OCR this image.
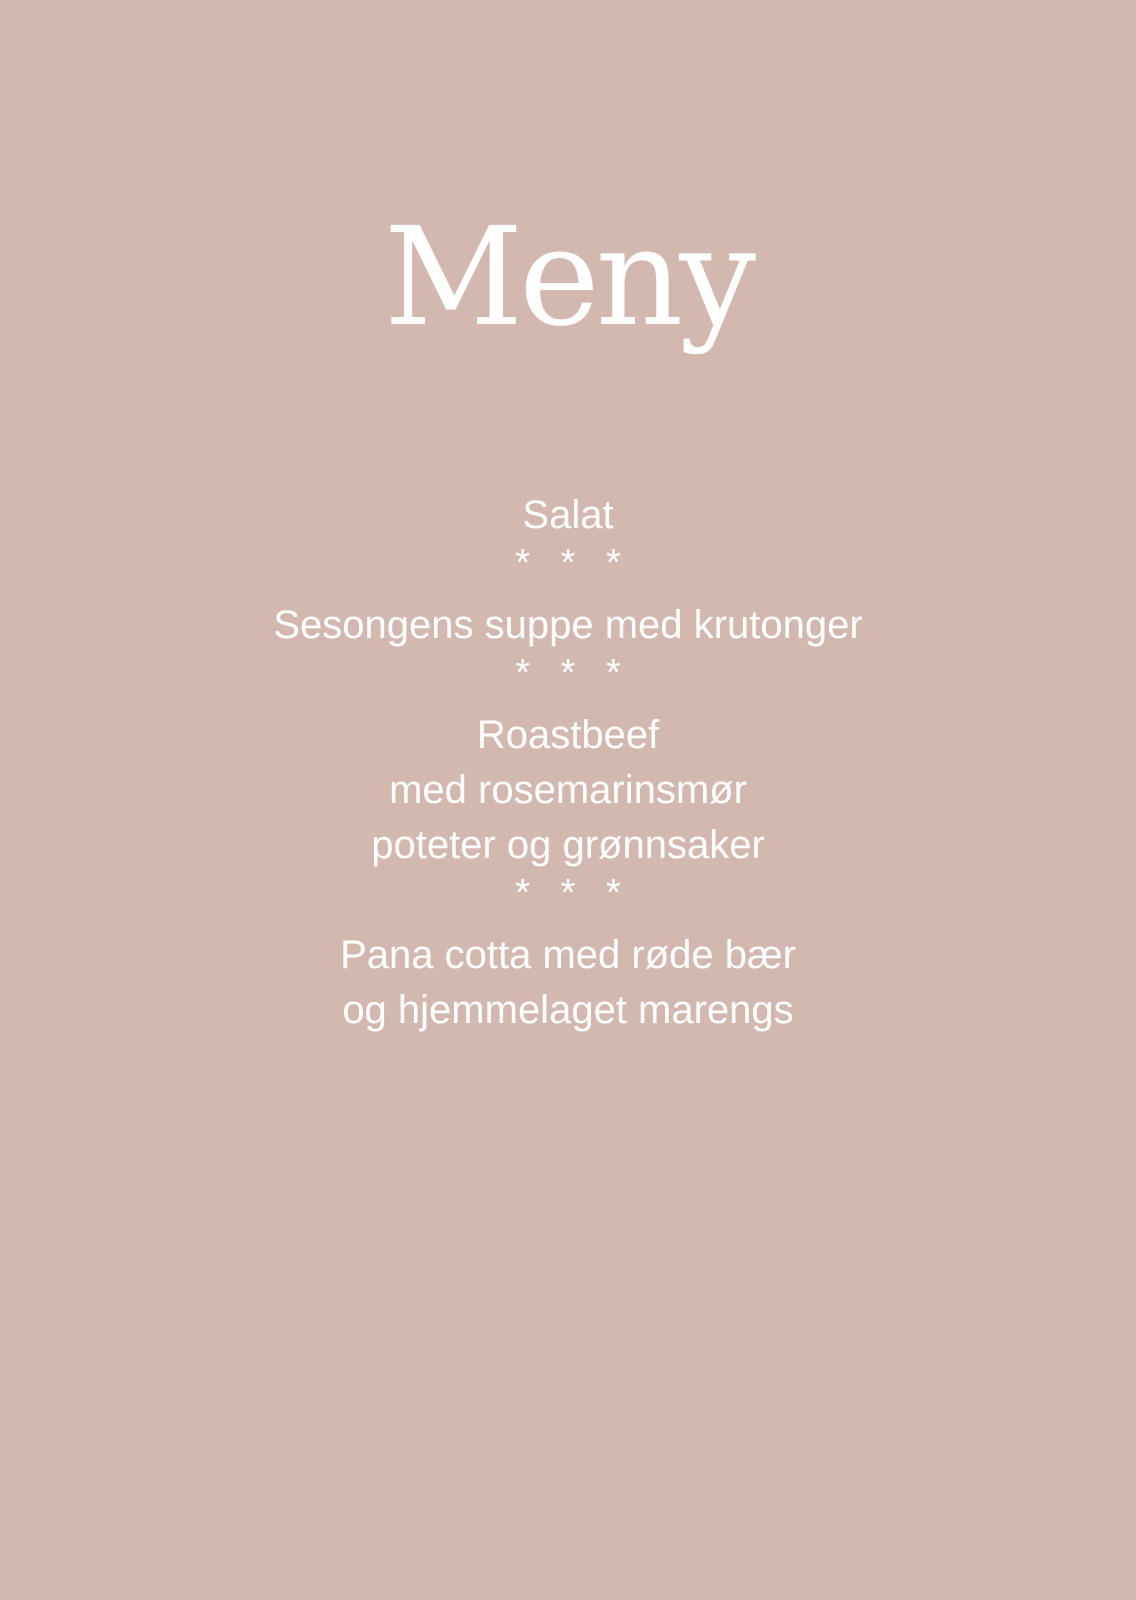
Meny
Salat
* * *
Sesongens suppe med krutonger
* * *
Roastbeef
med rosemarinsmør
poteter og grønnsaker
* * *
Pana cotta med røde bær
og hjemmelaget marengs
